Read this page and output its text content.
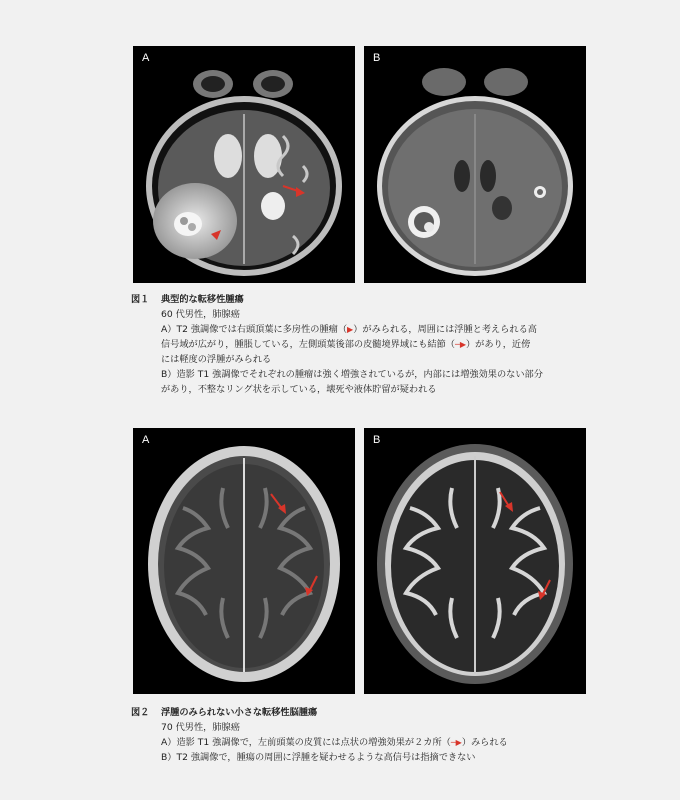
A	B
図１ 典型的な転移性腫瘍
60 代男性，肺腺癌
A）T2 強調像では右頭頂葉に多房性の腫瘤（▶）がみられる，周囲には浮腫と考えられる高
信号域が広がり，腫脹している，左側頭葉後部の皮髄境界域にも結節（─▶）があり，近傍
には軽度の浮腫がみられる
B）造影 T1 強調像でそれぞれの腫瘤は強く増強されているが，内部には増強効果のない部分
があり，不整なリング状を示している，壊死や液体貯留が疑われる
A	B
図２ 浮腫のみられない小さな転移性脳腫瘍
70 代男性，肺腺癌
A）造影 T1 強調像で，左前頭葉の皮質には点状の増強効果が２カ所（─▶）みられる
B）T2 強調像で，腫瘍の周囲に浮腫を疑わせるような高信号は指摘できない
